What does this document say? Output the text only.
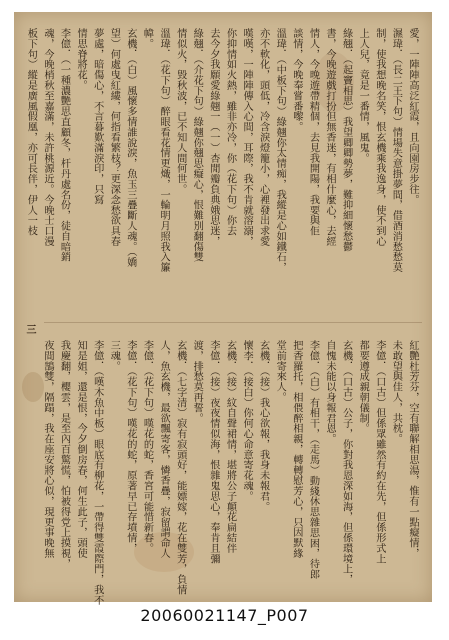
愛，一陣陣高泛紅霞，且向園房步往。
濕瑋．（長二王下句）情場失意掛夢間，借酒消愁愁莫
制，使我想晚名笑，恨玄機乘我逸身，使不到心
上人兒，竟是一番情，風鬼。
綠翹．（起竇相思）我望卿卿勢夢，難抑細懷愁鬱
書，今晚遊戲打扮但無香迷，有相什麼心，去經
情人，今晚遊帶精個，去見我開陽，我要與佢
談情，今晚奉嘗番嚟。
溫瑋．（中板下句）綠翹你太情痴，我縱是心如鐵石，
亦不軟化，頭低，冷含淚燈籠小，心裡發出求愛
嘆嘆，一陣陣傳入心間，耳際，我不肯就溶溺，
你抑情如火熱，雖非亦冷，你（花下句）你去
去今夕我願愛綠翹一（一）杏閒瓣負典娥思迷，
綠翹．（介花下句）綠翹你翹思癡心，恨難別翻傷雙
情似火，毀秋波，已不知人間何世。
溫瑋．（花下句）醉眼看花情更熾，一輪明月照我入簾
幃。
玄機．（白）風懷多情誰說淚，魚玉三疊斷人魂。（嬌
望）何處曳紅縷，何指看繁枝？更深念愁欲具春
夢處，暗傷心，不言暮歎滿淚印，只寫
情思脊將花。
李億．（一種濃艷思直顧冬，杆丹處名份，徒自暗銷
魂，今晚梢秋至嘉滿，未許桃源近。今晚士口漫
板下句）縱是廣風假凰，亦可長伴，伊人一枝
三
紅艷杜芳芬，空有聯解相思湯，惟有一點癡情，
未敢望與佳人，共枕。
李億．（口古）但係眾雖然有約在先，但係形式上
都要遵成親朝儀制。
玄機．（口古）公子，你對我恩深如海，但係環境上，
自愧未能以身報君恩。
李億．（白）有相干，（走馬）動綫休思雜思困，待郎
把香羅托，相偎醉相親，轉轉慰芳心，只因默緣
堂前寄來人。
玄機．（接）我心欲報，我身未報君。
懷李．（接白）你何心命意寄花魂。
玄機．（接）紋自聲裙情，堪將公子顛花扁結伴
李億．（接）夜夜情似海，恨雜鬼思心，奉肯且彌
渡，排愁莫再誓。
玄機．（七字清）寂有寂頭好，能嫖嫁，花在雙芳，負情
人，魚玄機，最欲飄寄客，憐香疊，寂留謂命人
李億．（花下句）嘆花的蛇，香宮可能惜新春。
李億．（花下句）嘆花的蛇，原著早已存墳情，
三魂。
李億．（嘆木魚中板）眼底有柳花，一帶得雙霞際門，我不
知是姐，還是恨，今夕倒房春，何生此子，頭使
我慶翻，櫻雲，是至內百驚慌，怕被得党上摸視，
夜間鵠雙，隔蹋，我在座安將心似，現更事晚無
20060021147_P007
